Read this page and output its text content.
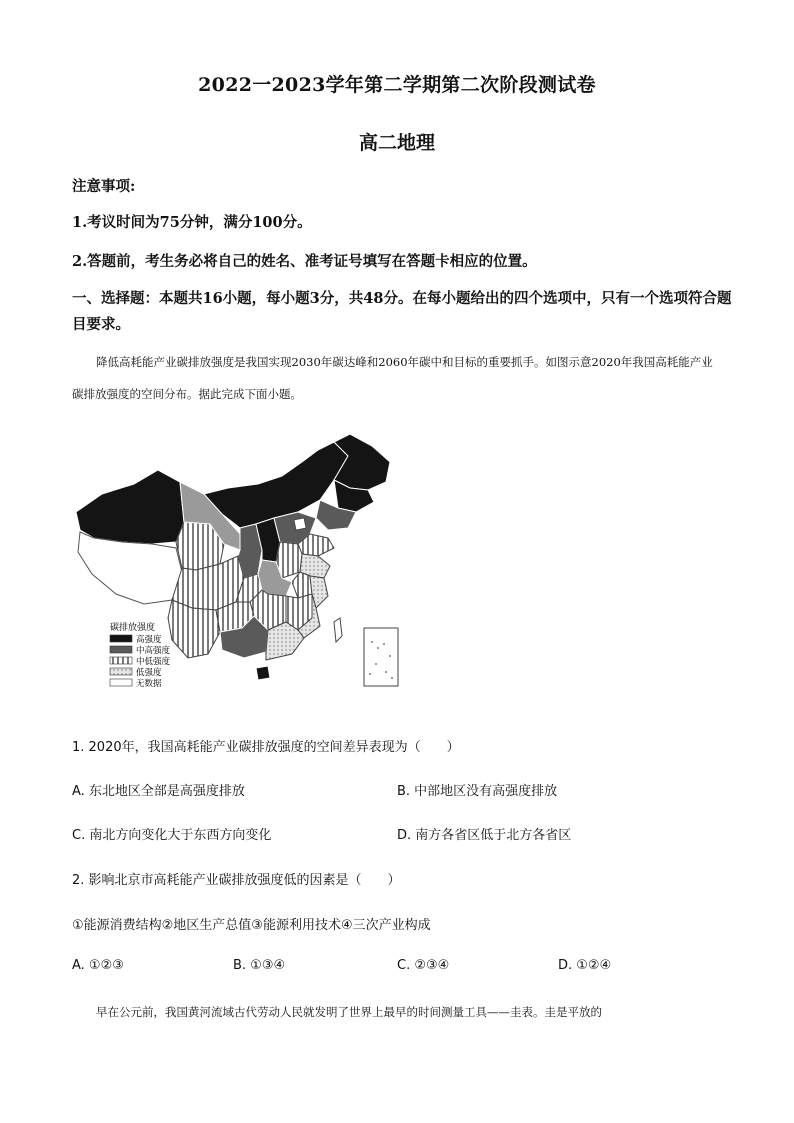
2022一2023学年第二学期第二次阶段测试卷
高二地理
注意事项:
1.考议时间为75分钟，满分100分。
2.答题前，考生务必将自己的姓名、准考证号填写在答题卡相应的位置。
一、选择题：本题共16小题，每小题3分，共48分。在每小题给出的四个选项中，只有一个选项符合题目要求。
降低高耗能产业碳排放强度是我国实现2030年碳达峰和2060年碳中和目标的重要抓手。如图示意2020年我国高耗能产业碳排放强度的空间分布。据此完成下面小题。
碳排放强度
高强度
中高强度
中低强度
低强度
无数据
1. 2020年，我国高耗能产业碳排放强度的空间差异表现为（　　）
A. 东北地区全部是高强度排放	B. 中部地区没有高强度排放
C. 南北方向变化大于东西方向变化	D. 南方各省区低于北方各省区
2. 影响北京市高耗能产业碳排放强度低的因素是（　　）
①能源消费结构②地区生产总值③能源利用技术④三次产业构成
A. ①②③	B. ①③④	C. ②③④	D. ①②④
早在公元前，我国黄河流域古代劳动人民就发明了世界上最早的时间测量工具——圭表。圭是平放的
